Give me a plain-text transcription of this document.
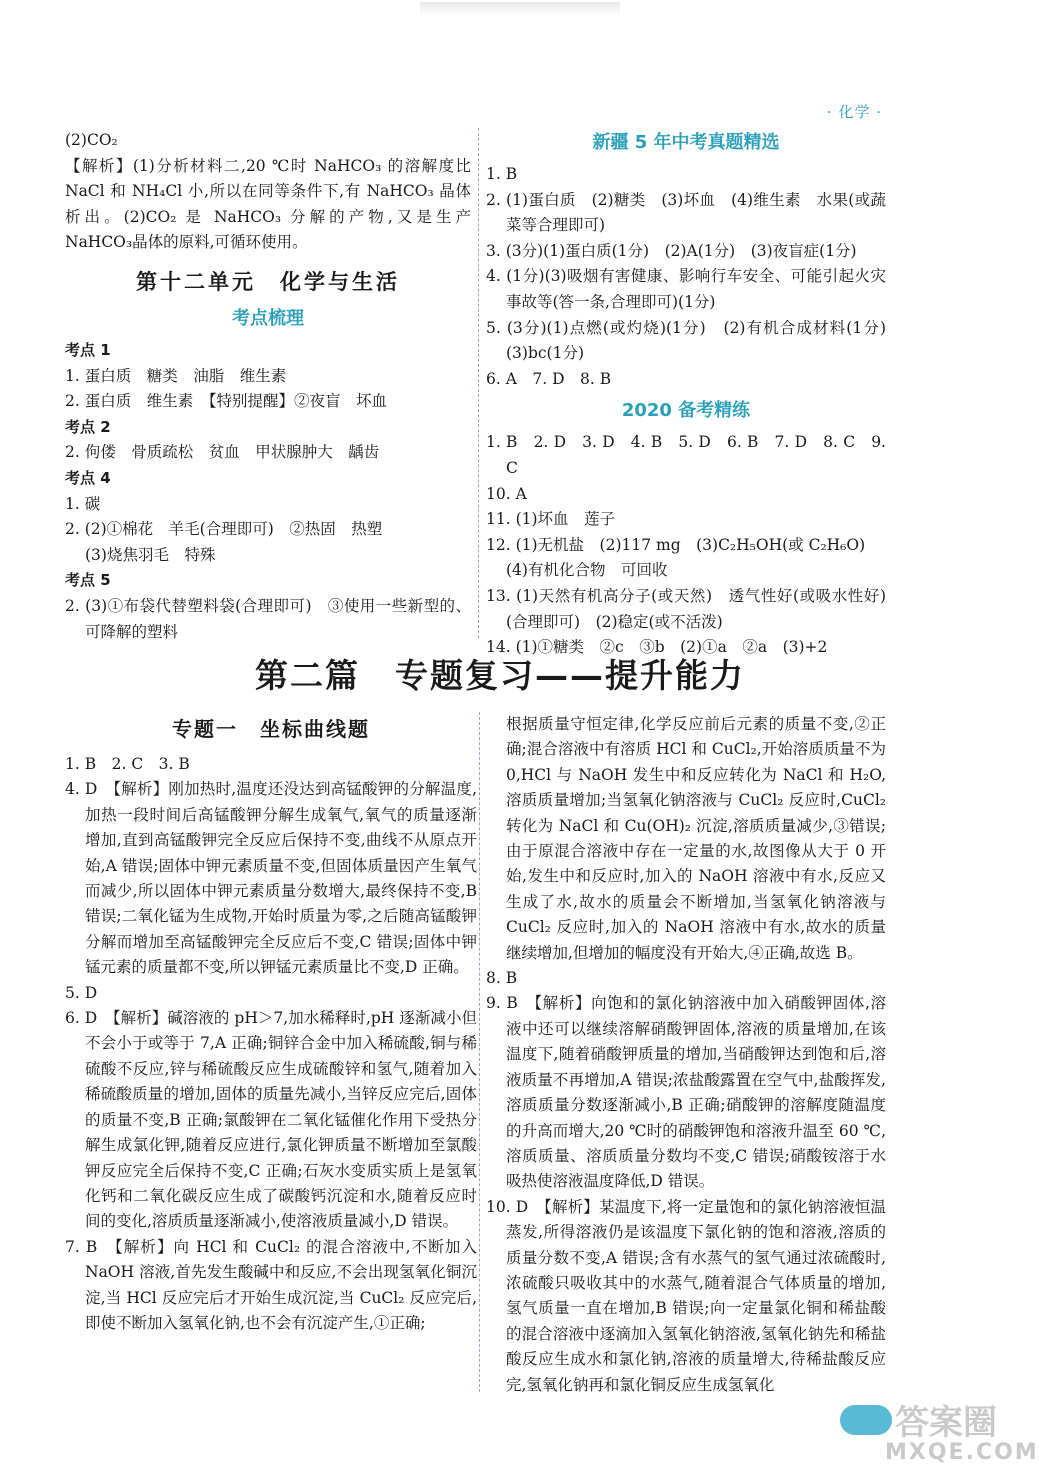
· 化学 ·

(2)CO₂

【解析】(1)分析材料二,20 ℃时 NaHCO₃ 的溶解度比NaCl 和 NH₄Cl 小,所以在同等条件下,有 NaHCO₃ 晶体析出。(2)CO₂ 是 NaHCO₃ 分解的产物,又是生产NaHCO₃晶体的原料,可循环使用。

第十二单元　化学与生活
考点梳理

考点 1

1. 蛋白质　糖类　油脂　维生素

2. 蛋白质　维生素　【特别提醒】②夜盲　坏血

考点 2

2. 佝偻　骨质疏松　贫血　甲状腺肿大　龋齿

考点 4

1. 碳

2. (2)①棉花　羊毛(合理即可)　②热固　热塑

(3)烧焦羽毛　特殊

考点 5

2. (3)①布袋代替塑料袋(合理即可)　③使用一些新型的、可降解的塑料

新疆 5 年中考真题精选

1. B

2. (1)蛋白质　(2)糖类　(3)坏血　(4)维生素　水果(或蔬菜等合理即可)

3. (3分)(1)蛋白质(1分)　(2)A(1分)　(3)夜盲症(1分)

4. (1分)(3)吸烟有害健康、影响行车安全、可能引起火灾事故等(答一条,合理即可)(1分)

5. (3分)(1)点燃(或灼烧)(1分)　(2)有机合成材料(1分)　(3)bc(1分)

6. A　7. D　8. B

2020 备考精练

1. B　2. D　3. D　4. B　5. D　6. B　7. D　8. C　9. C

10. A

11. (1)坏血　莲子

12. (1)无机盐　(2)117 mg　(3)C₂H₅OH(或 C₂H₆O)

(4)有机化合物　可回收

13. (1)天然有机高分子(或天然)　透气性好(或吸水性好)(合理即可)　(2)稳定(或不活泼)

14. (1)①糖类　②c　③b　(2)①a　②a　(3)+2

第二篇　专题复习——提升能力
专题一　坐标曲线题

1. B　2. C　3. B

4. D　【解析】刚加热时,温度还没达到高锰酸钾的分解温度,加热一段时间后高锰酸钾分解生成氧气,氧气的质量逐渐增加,直到高锰酸钾完全反应后保持不变,曲线不从原点开始,A 错误;固体中钾元素质量不变,但固体质量因产生氧气而减少,所以固体中钾元素质量分数增大,最终保持不变,B 错误;二氧化锰为生成物,开始时质量为零,之后随高锰酸钾分解而增加至高锰酸钾完全反应后不变,C 错误;固体中钾锰元素的质量都不变,所以钾锰元素质量比不变,D 正确。

5. D

6. D　【解析】碱溶液的 pH＞7,加水稀释时,pH 逐渐减小但不会小于或等于 7,A 正确;铜锌合金中加入稀硫酸,铜与稀硫酸不反应,锌与稀硫酸反应生成硫酸锌和氢气,随着加入稀硫酸质量的增加,固体的质量先减小,当锌反应完后,固体的质量不变,B 正确;氯酸钾在二氧化锰催化作用下受热分解生成氯化钾,随着反应进行,氯化钾质量不断增加至氯酸钾反应完全后保持不变,C 正确;石灰水变质实质上是氢氧化钙和二氧化碳反应生成了碳酸钙沉淀和水,随着反应时间的变化,溶质质量逐渐减小,使溶液质量减小,D 错误。

7. B　【解析】向 HCl 和 CuCl₂ 的混合溶液中,不断加入 NaOH 溶液,首先发生酸碱中和反应,不会出现氢氧化铜沉淀,当 HCl 反应完后才开始生成沉淀,当 CuCl₂ 反应完后,即使不断加入氢氧化钠,也不会有沉淀产生,①正确;

根据质量守恒定律,化学反应前后元素的质量不变,②正确;混合溶液中有溶质 HCl 和 CuCl₂,开始溶质质量不为 0,HCl 与 NaOH 发生中和反应转化为 NaCl 和 H₂O,溶质质量增加;当氢氧化钠溶液与 CuCl₂ 反应时,CuCl₂ 转化为 NaCl 和 Cu(OH)₂ 沉淀,溶质质量减少,③错误;由于原混合溶液中存在一定量的水,故图像从大于 0 开始,发生中和反应时,加入的 NaOH 溶液中有水,反应又生成了水,故水的质量会不断增加,当氢氧化钠溶液与 CuCl₂ 反应时,加入的 NaOH 溶液中有水,故水的质量继续增加,但增加的幅度没有开始大,④正确,故选 B。

8. B

9. B　【解析】向饱和的氯化钠溶液中加入硝酸钾固体,溶液中还可以继续溶解硝酸钾固体,溶液的质量增加,在该温度下,随着硝酸钾质量的增加,当硝酸钾达到饱和后,溶液质量不再增加,A 错误;浓盐酸露置在空气中,盐酸挥发,溶质质量分数逐渐减小,B 正确;硝酸钾的溶解度随温度的升高而增大,20 ℃时的硝酸钾饱和溶液升温至 60 ℃,溶质质量、溶质质量分数均不变,C 错误;硝酸铵溶于水吸热使溶液温度降低,D 错误。

10. D　【解析】某温度下,将一定量饱和的氯化钠溶液恒温蒸发,所得溶液仍是该温度下氯化钠的饱和溶液,溶质的质量分数不变,A 错误;含有水蒸气的氢气通过浓硫酸时,浓硫酸只吸收其中的水蒸气,随着混合气体质量的增加,氢气质量一直在增加,B 错误;向一定量氯化铜和稀盐酸的混合溶液中逐滴加入氢氧化钠溶液,氢氧化钠先和稀盐酸反应生成水和氯化钠,溶液的质量增大,待稀盐酸反应完,氢氧化钠再和氯化铜反应生成氢氧化

答案圈
MXQE.COM
